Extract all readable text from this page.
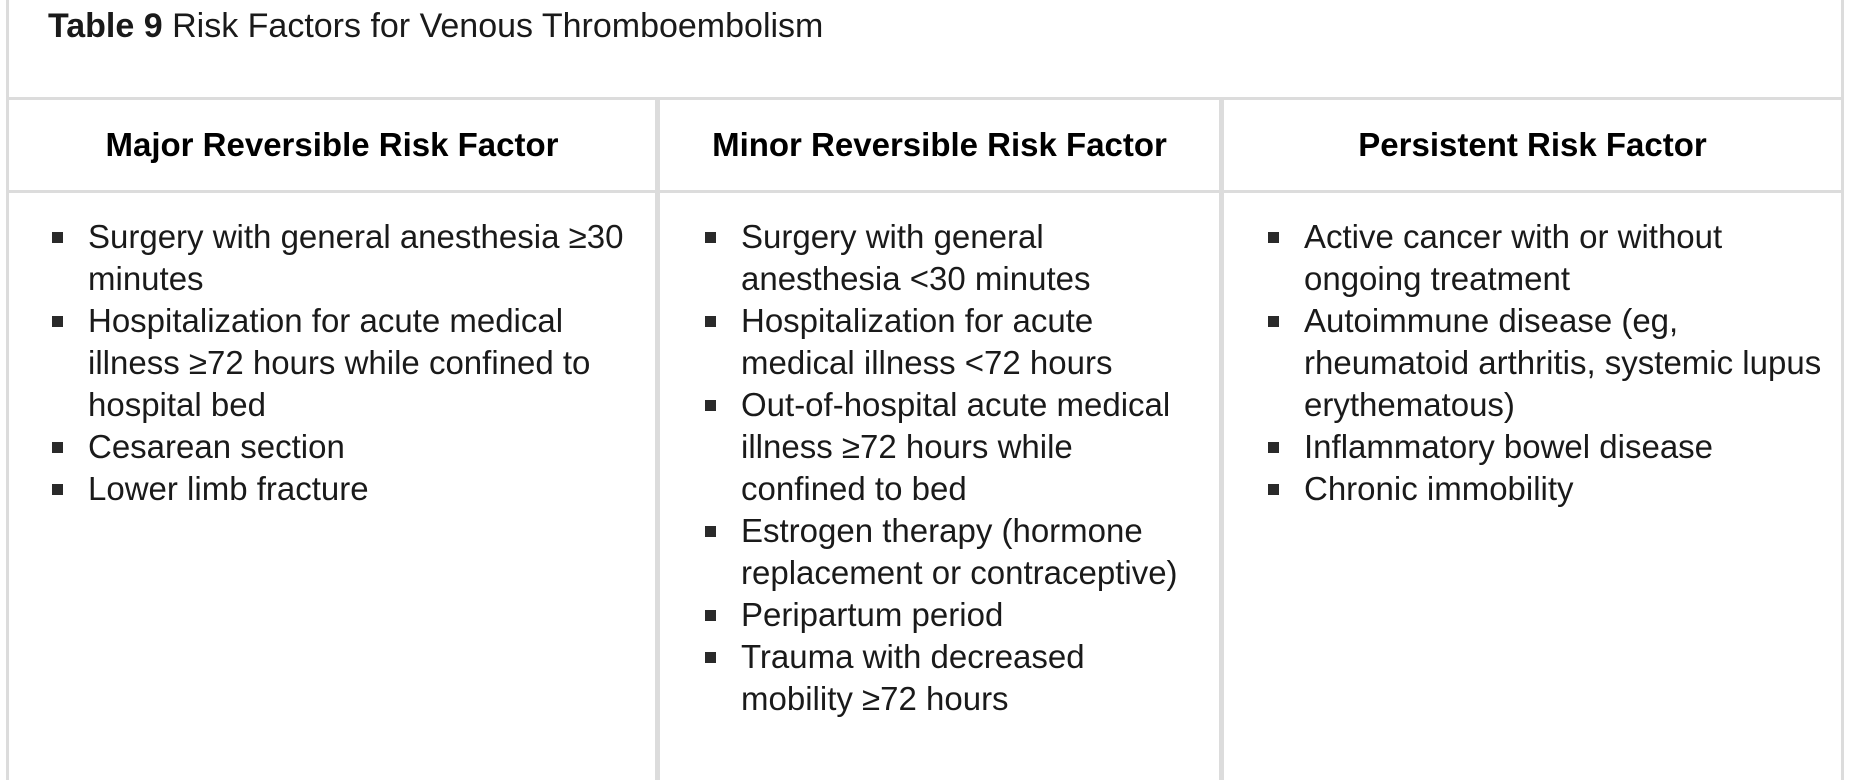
Table 9 Risk Factors for Venous Thromboembolism
Major Reversible Risk Factor
Surgery with general anesthesia ≥30 minutes
Hospitalization for acute medical illness ≥72 hours while confined to hospital bed
Cesarean section
Lower limb fracture
Minor Reversible Risk Factor
Surgery with general anesthesia <30 minutes
Hospitalization for acute medical illness <72 hours
Out-of-hospital acute medical illness ≥72 hours while confined to bed
Estrogen therapy (hormone replacement or contraceptive)
Peripartum period
Trauma with decreased mobility ≥72 hours
Persistent Risk Factor
Active cancer with or without ongoing treatment
Autoimmune disease (eg, rheumatoid arthritis, systemic lupus erythematous)
Inflammatory bowel disease
Chronic immobility
